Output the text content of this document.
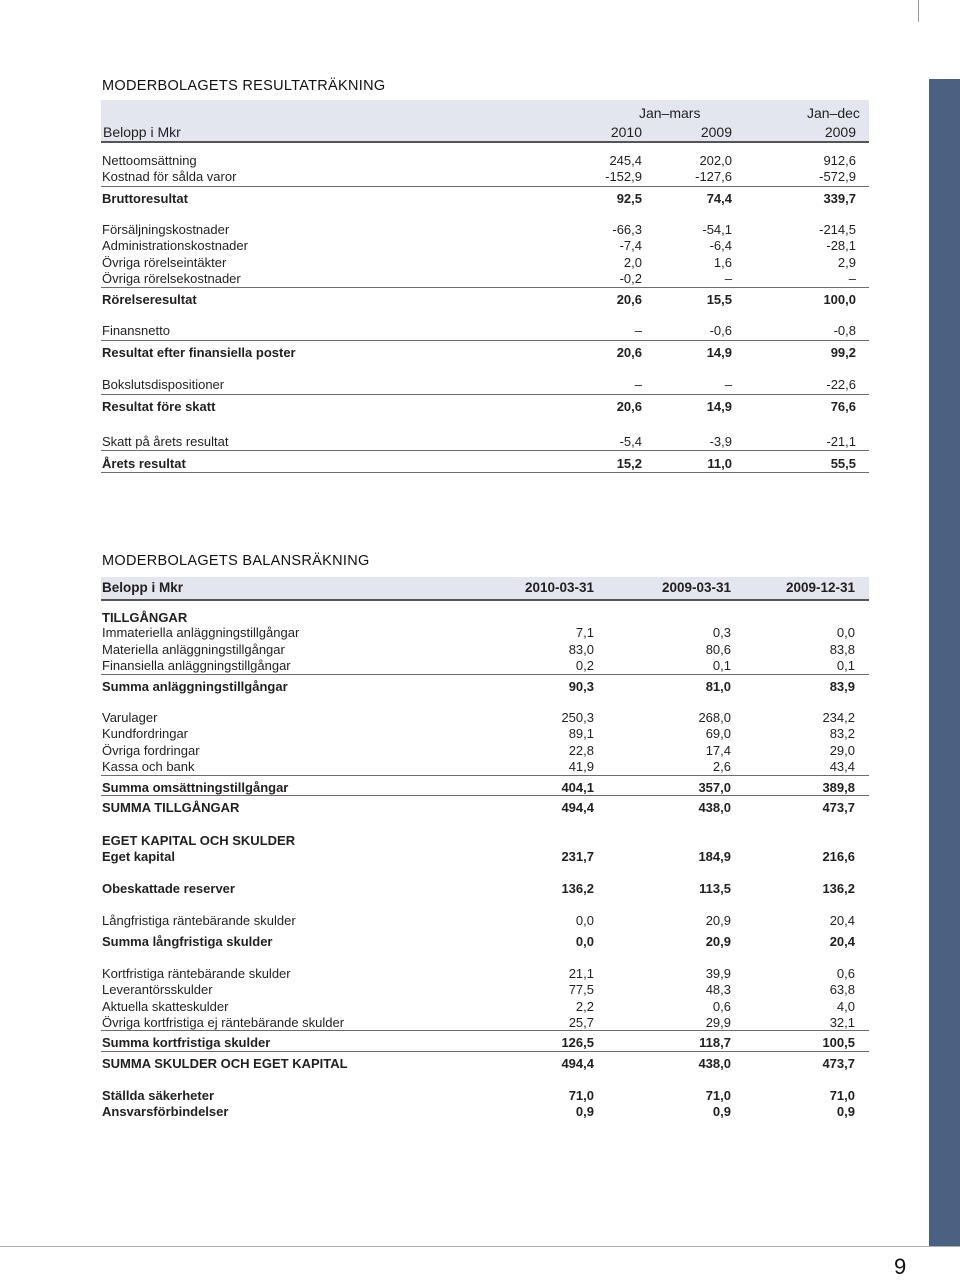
9
MODERBOLAGETS RESULTATRÄKNING
Jan–mars	Jan–dec
Belopp i Mkr	2010	2009	2009
Nettoomsättning	245,4	202,0	912,6
Kostnad för sålda varor	-152,9	-127,6	-572,9
Bruttoresultat	92,5	74,4	339,7
Försäljningskostnader	-66,3	-54,1	-214,5
Administrationskostnader	-7,4	-6,4	-28,1
Övriga rörelseintäkter	2,0	1,6	2,9
Övriga rörelsekostnader	-0,2	–	–
Rörelseresultat	20,6	15,5	100,0
Finansnetto	–	-0,6	-0,8
Resultat efter finansiella poster	20,6	14,9	99,2
Bokslutsdispositioner	–	–	-22,6
Resultat före skatt	20,6	14,9	76,6
Skatt på årets resultat	-5,4	-3,9	-21,1
Årets resultat	15,2	11,0	55,5
MODERBOLAGETS BALANSRÄKNING
Belopp i Mkr	2010-03-31	2009-03-31	2009-12-31
TILLGÅNGAR
Immateriella anläggningstillgångar	7,1	0,3	0,0
Materiella anläggningstillgångar	83,0	80,6	83,8
Finansiella anläggningstillgångar	0,2	0,1	0,1
Summa anläggningstillgångar	90,3	81,0	83,9
Varulager	250,3	268,0	234,2
Kundfordringar	89,1	69,0	83,2
Övriga fordringar	22,8	17,4	29,0
Kassa och bank	41,9	2,6	43,4
Summa omsättningstillgångar	404,1	357,0	389,8
SUMMA TILLGÅNGAR	494,4	438,0	473,7
EGET KAPITAL OCH SKULDER
Eget kapital	231,7	184,9	216,6
Obeskattade reserver	136,2	113,5	136,2
Långfristiga räntebärande skulder	0,0	20,9	20,4
Summa långfristiga skulder	0,0	20,9	20,4
Kortfristiga räntebärande skulder	21,1	39,9	0,6
Leverantörsskulder	77,5	48,3	63,8
Aktuella skatteskulder	2,2	0,6	4,0
Övriga kortfristiga ej räntebärande skulder	25,7	29,9	32,1
Summa kortfristiga skulder	126,5	118,7	100,5
SUMMA SKULDER OCH EGET KAPITAL	494,4	438,0	473,7
Ställda säkerheter	71,0	71,0	71,0
Ansvarsförbindelser	0,9	0,9	0,9
